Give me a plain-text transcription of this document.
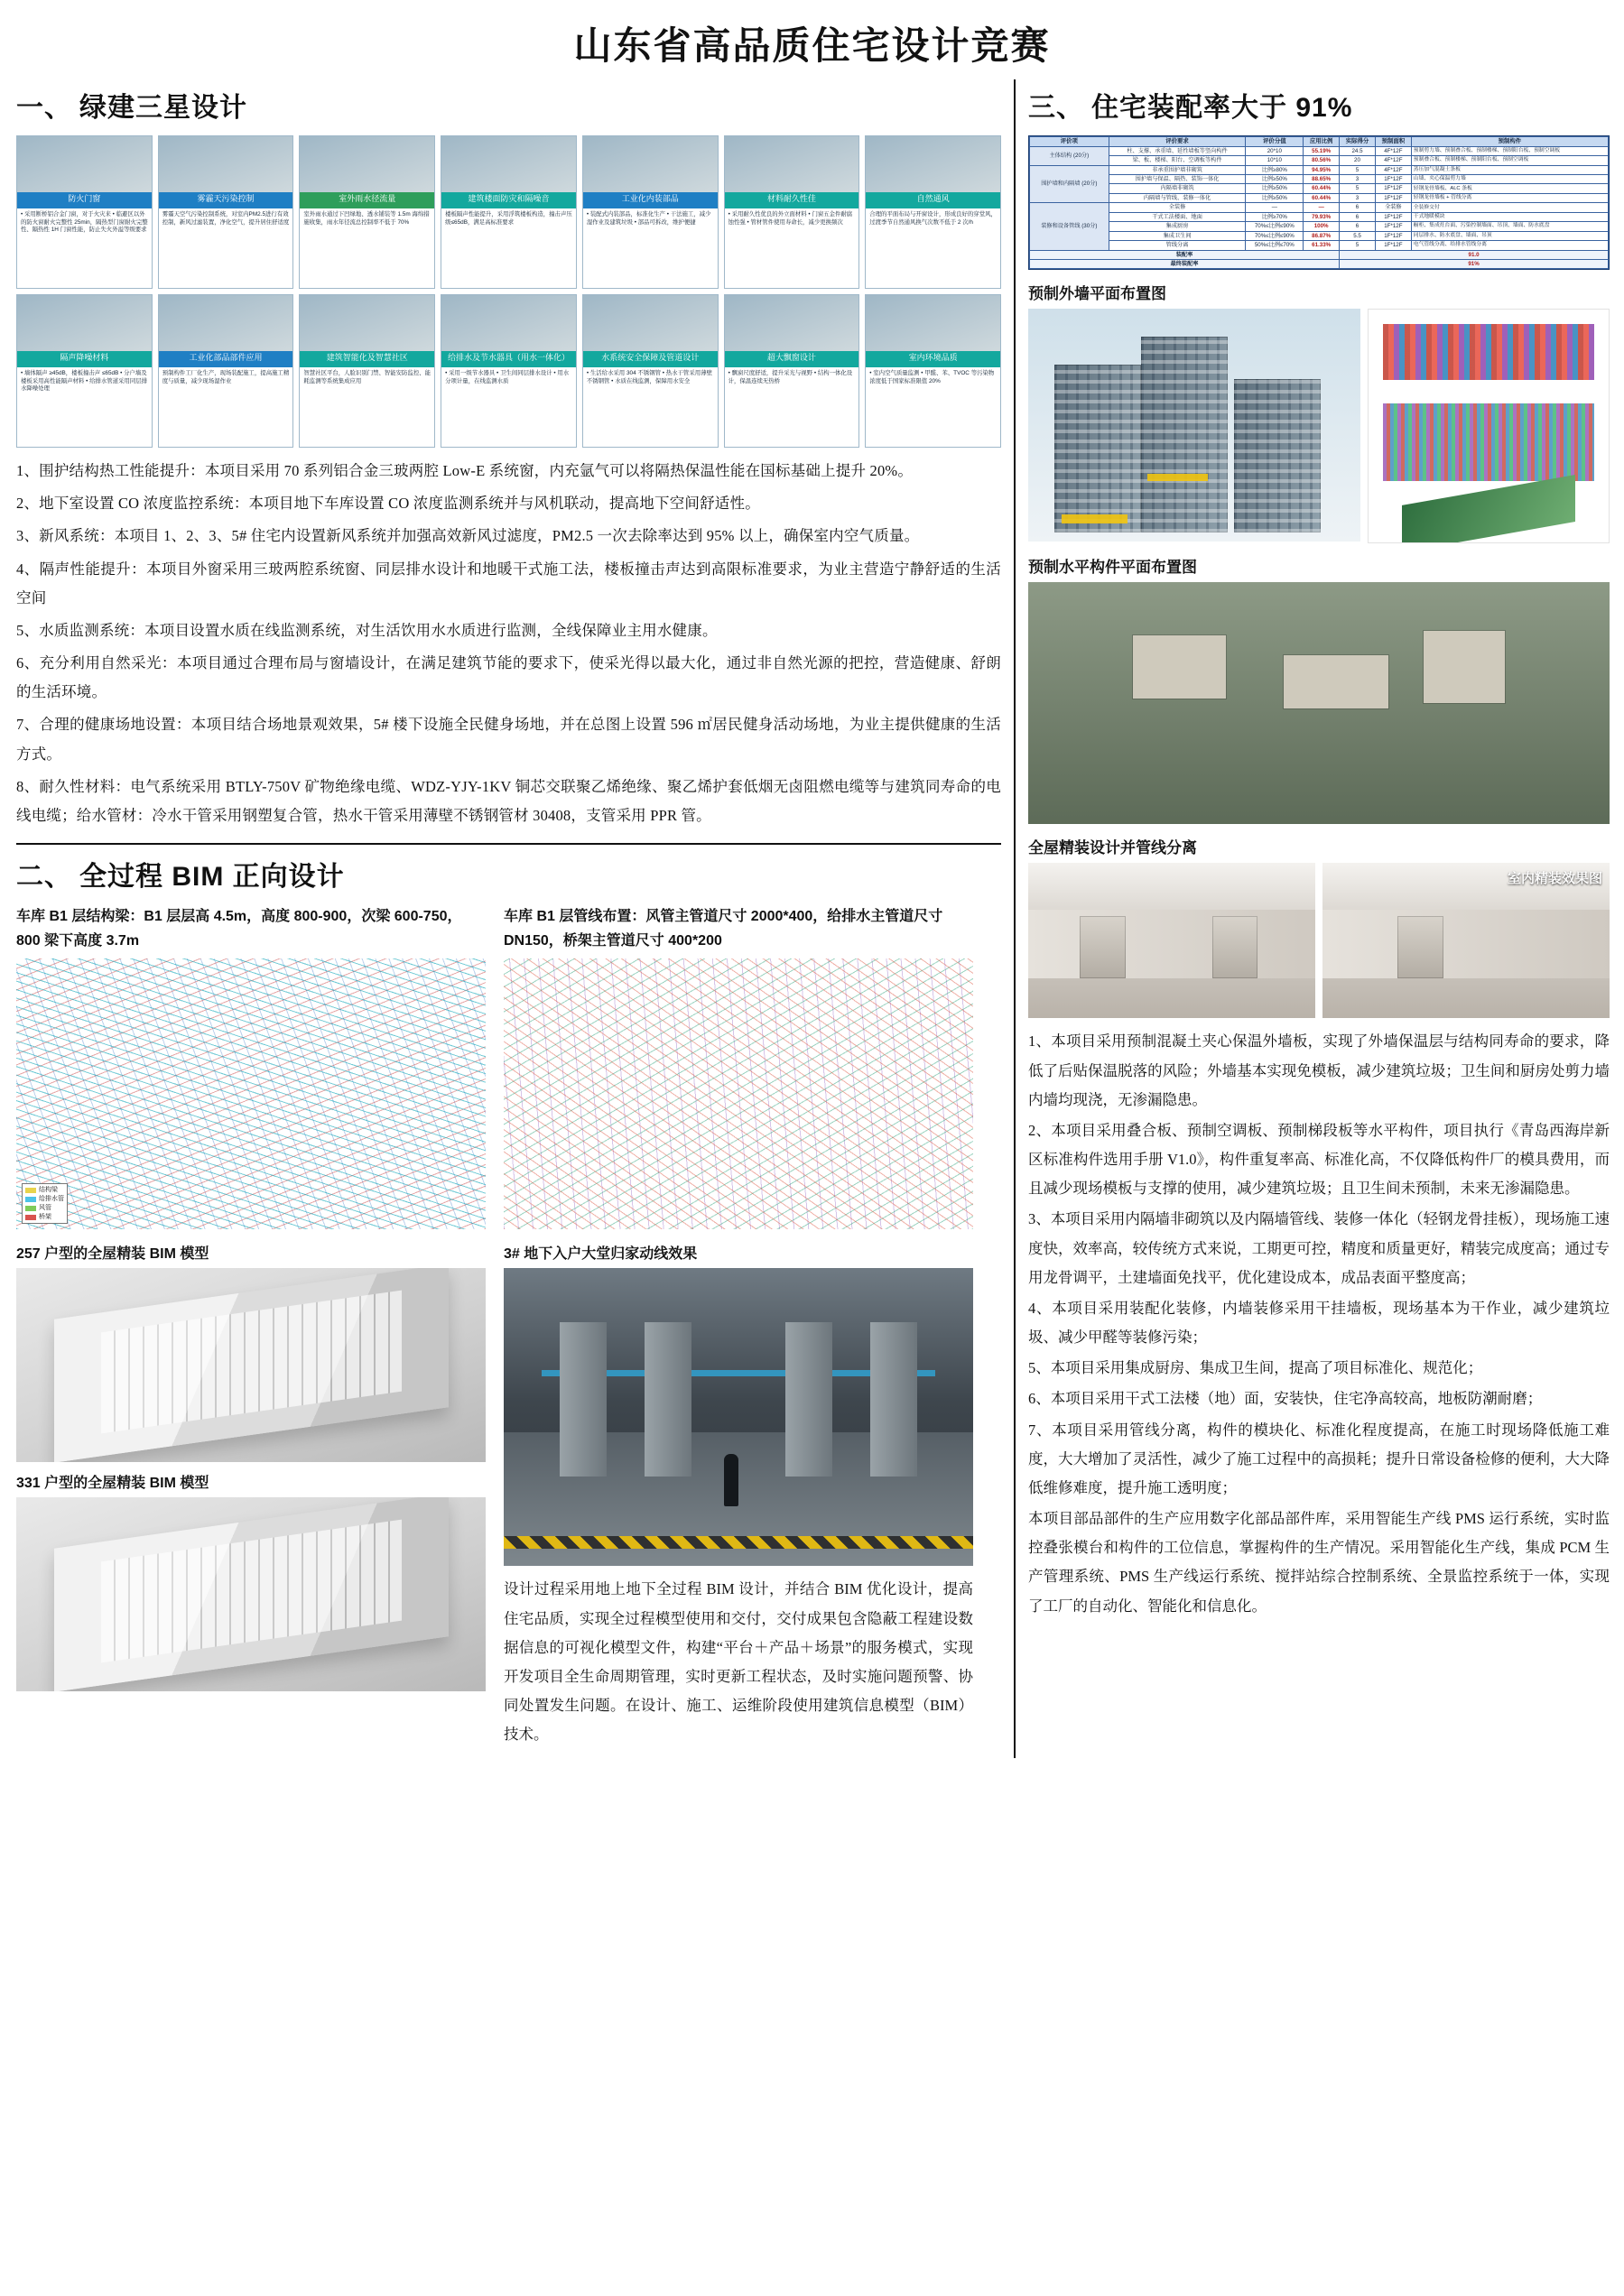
山东省高品质住宅设计竞赛
一、 绿建三星设计
防火门窗
• 采用断桥铝合金门窗，对于火灾来 • 临避区以外的防火窗耐火完整性 25min，隔热型门窗耐火完整性、隔热性 1H 门窗性能，防止失火外溢等级要求
雾霾天污染控制
雾霾天空气污染控制系统，对室内PM2.5进行有效控制，新风过滤装置，净化空气，提升居住舒适度
室外雨水径流量
室外雨水通过下凹绿地、透水铺装等 1.5m 海绵措施收集，雨水年径流总控制率不低于 70%
建筑楼面防灾和隔噪音
楼板隔声性能提升，采用浮筑楼板构造，撞击声压级≤65dB，满足高标准要求
工业化内装部品
• 装配式内装部品，标准化生产 • 干法施工，减少湿作业及建筑垃圾 • 部品可拆改，维护便捷
材料耐久性佳
• 采用耐久性优良的外立面材料 • 门窗五金件耐腐蚀性强 • 管材管件使用寿命长，减少更换频次
自然通风
合理的平面布局与开窗设计，形成良好的穿堂风，过渡季节自然通风换气次数不低于 2 次/h
隔声降噪材料
• 墙体隔声 ≥45dB，楼板撞击声 ≤65dB • 分户墙及楼板采用高性能隔声材料 • 给排水管道采用同层排水降噪处理
工业化部品部件应用
预制构件工厂化生产，现场装配施工，提高施工精度与质量，减少现场湿作业
建筑智能化及智慧社区
智慧社区平台，人脸识别门禁、智能安防监控、能耗监测等系统集成应用
给排水及节水器具（用水一体化）
• 采用一级节水器具 • 卫生间同层排水设计 • 用水分项计量，在线监测水质
水系统安全保障及管道设计
• 生活给水采用 304 不锈钢管 • 热水干管采用薄壁不锈钢管 • 水质在线监测，保障用水安全
超大飘窗设计
• 飘窗尺度舒适，提升采光与视野 • 结构一体化设计，保温连续无热桥
室内环境品质
• 室内空气质量监测 • 甲醛、苯、TVOC 等污染物浓度低于国家标准限值 20%

1、围护结构热工性能提升：本项目采用 70 系列铝合金三玻两腔 Low-E 系统窗，内充氩气可以将隔热保温性能在国标基础上提升 20%。

2、地下室设置 CO 浓度监控系统：本项目地下车库设置 CO 浓度监测系统并与风机联动，提高地下空间舒适性。

3、新风系统：本项目 1、2、3、5# 住宅内设置新风系统并加强高效新风过滤度，PM2.5 一次去除率达到 95% 以上，确保室内空气质量。

4、隔声性能提升：本项目外窗采用三玻两腔系统窗、同层排水设计和地暖干式施工法，楼板撞击声达到高限标准要求，为业主营造宁静舒适的生活空间

5、水质监测系统：本项目设置水质在线监测系统，对生活饮用水水质进行监测，全线保障业主用水健康。

6、充分利用自然采光：本项目通过合理布局与窗墙设计，在满足建筑节能的要求下，使采光得以最大化，通过非自然光源的把控，营造健康、舒朗的生活环境。

7、合理的健康场地设置：本项目结合场地景观效果，5# 楼下设施全民健身场地，并在总图上设置 596 ㎡居民健身活动场地，为业主提供健康的生活方式。

8、耐久性材料：电气系统采用 BTLY-750V 矿物绝缘电缆、WDZ-YJY-1KV 铜芯交联聚乙烯绝缘、聚乙烯护套低烟无卤阻燃电缆等与建筑同寿命的电线电缆；给水管材：冷水干管采用钢塑复合管，热水干管采用薄壁不锈钢管材 30408，支管采用 PPR 管。

二、 全过程 BIM 正向设计
车库 B1 层结构梁：B1 层层高 4.5m，高度 800-900，次梁 600-750，800 梁下高度 3.7m
结构梁
给排水管
风管
桥架
车库 B1 层管线布置：风管主管道尺寸 2000*400，给排水主管道尺寸 DN150，桥架主管道尺寸 400*200
257 户型的全屋精装 BIM 模型
331 户型的全屋精装 BIM 模型
3# 地下入户大堂归家动线效果
设计过程采用地上地下全过程 BIM 设计，并结合 BIM 优化设计，提高住宅品质，实现全过程模型使用和交付，交付成果包含隐蔽工程建设数据信息的可视化模型文件，构建“平台＋产品＋场景”的服务模式，实现开发项目全生命周期管理，实时更新工程状态，及时实施问题预警、协同处置发生问题。在设计、施工、运维阶段使用建筑信息模型（BIM）技术。
三、 住宅装配率大于 91%
评价项	评价要求	评价分值	应用比例	实际得分	预制面积	预制构件
主体结构 (20分)	柱、支撑、承重墙、延性墙板等竖向构件	20*10	55.19%	24.5	4F*12F	预制剪力墙、预制叠合板、预制楼梯、预制阳台板、预制空调板
	梁、板、楼梯、阳台、空调板等构件	10*10	80.56%	20	4F*12F	预制叠合板、预制楼梯、预制阳台板、预制空调板
围护墙和内隔墙 (20分)	非承重围护墙非砌筑	比例≥80%	94.95%	5	4F*12F	蒸压加气混凝土条板
	围护墙与保温、隔热、装饰一体化	比例≥50%	88.65%	3	1F*12F	山墙、夹心保温剪力墙
	内隔墙非砌筑	比例≥50%	60.44%	5	1F*12F	轻钢龙骨墙板、ALC 条板
	内隔墙与管线、装修一体化	比例≥50%	60.44%	3	1F*12F	轻钢龙骨墙板 + 管线分离
装修和设备管线 (30分)	全装修	—	—	6	全装修	全装修交付
	干式工法楼面、地面	比例≥70%	79.93%	6	1F*12F	干式地暖模块
	集成厨房	70%≤比例≤90%	100%	6	1F*12F	橱柜、集成灶台面、污染控制墙面、吊顶、墙面、防水底盘
	集成卫生间	70%≤比例≤90%	86.87%	5.5	1F*12F	同层排水、防水底盘、墙面、吊顶
	管线分离	50%≤比例≤70%	61.33%	5	1F*12F	电气管线分离、给排水管线分离
装配率				91.0		
最终装配率				91%		
预制外墙平面布置图
预制水平构件平面布置图
全屋精装设计并管线分离
室内精装效果图

1、本项目采用预制混凝土夹心保温外墙板，实现了外墙保温层与结构同寿命的要求，降低了后贴保温脱落的风险；外墙基本实现免模板，减少建筑垃圾；卫生间和厨房处剪力墙内墙均现浇，无渗漏隐患。

2、本项目采用叠合板、预制空调板、预制梯段板等水平构件，项目执行《青岛西海岸新区标准构件选用手册 V1.0》，构件重复率高、标准化高，不仅降低构件厂的模具费用，而且减少现场模板与支撑的使用，减少建筑垃圾；且卫生间未预制，未来无渗漏隐患。

3、本项目采用内隔墙非砌筑以及内隔墙管线、装修一体化（轻钢龙骨挂板），现场施工速度快，效率高，较传统方式来说，工期更可控，精度和质量更好，精装完成度高；通过专用龙骨调平，土建墙面免找平，优化建设成本，成品表面平整度高；

4、本项目采用装配化装修，内墙装修采用干挂墙板，现场基本为干作业，减少建筑垃圾、减少甲醛等装修污染；

5、本项目采用集成厨房、集成卫生间，提高了项目标准化、规范化；

6、本项目采用干式工法楼（地）面，安装快，住宅净高较高，地板防潮耐磨；

7、本项目采用管线分离，构件的模块化、标准化程度提高，在施工时现场降低施工难度，大大增加了灵活性，减少了施工过程中的高损耗；提升日常设备检修的便利，大大降低维修难度，提升施工透明度；

本项目部品部件的生产应用数字化部品部件库，采用智能生产线 PMS 运行系统，实时监控叠张模台和构件的工位信息，掌握构件的生产情况。采用智能化生产线，集成 PCM 生产管理系统、PMS 生产线运行系统、搅拌站综合控制系统、全景监控系统于一体，实现了工厂的自动化、智能化和信息化。
